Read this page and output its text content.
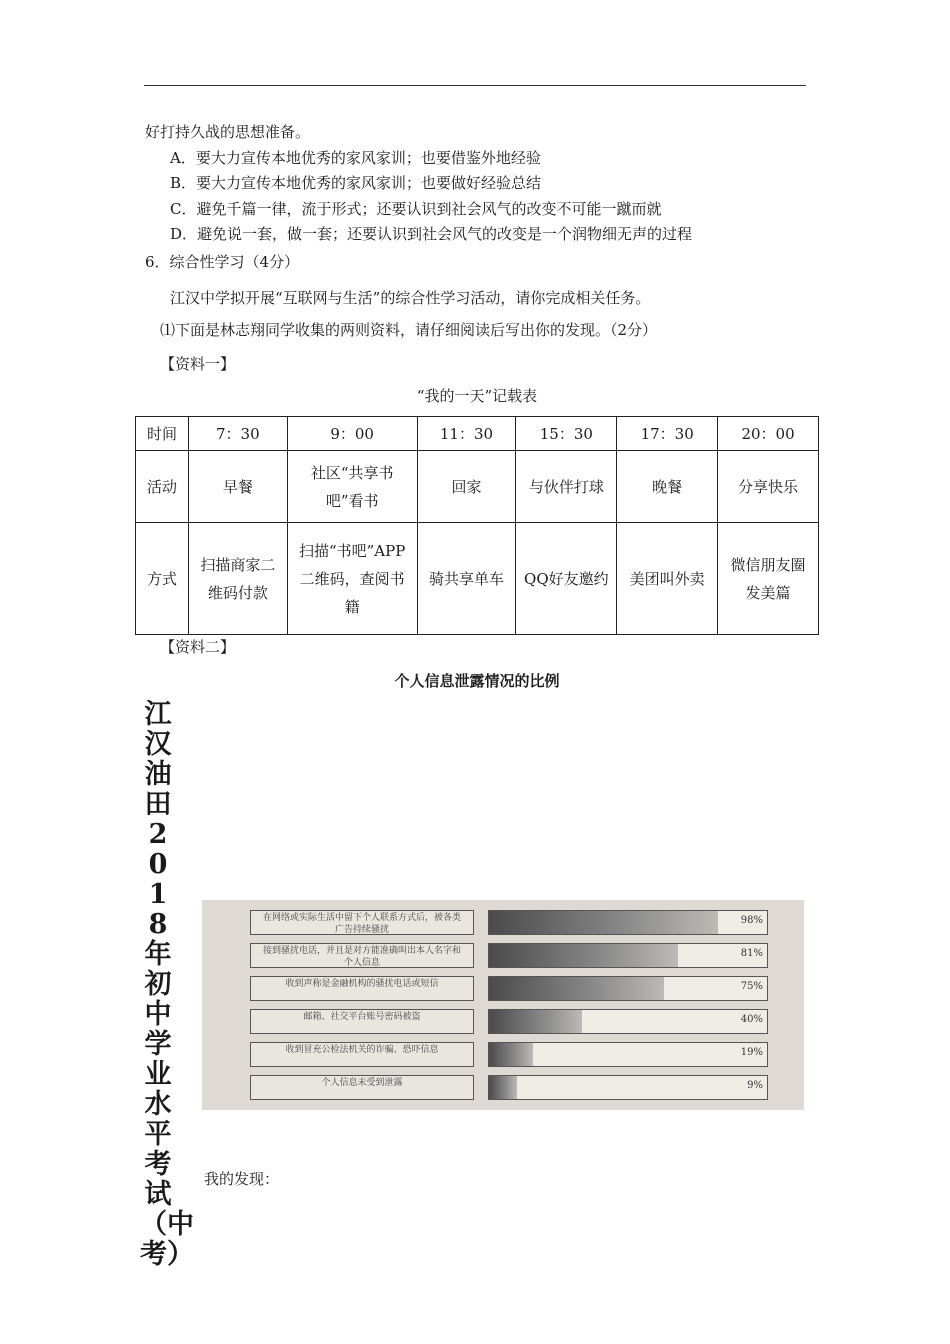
好打持久战的思想准备。
A．要大力宣传本地优秀的家风家训；也要借鉴外地经验
B．要大力宣传本地优秀的家风家训；也要做好经验总结
C．避免千篇一律，流于形式；还要认识到社会风气的改变不可能一蹴而就
D．避免说一套，做一套；还要认识到社会风气的改变是一个润物细无声的过程
6．综合性学习（4分）
江汉中学拟开展“互联网与生活”的综合性学习活动，请你完成相关任务。
⑴下面是林志翔同学收集的两则资料，请仔细阅读后写出你的发现。（2分）
【资料一】
“我的一天”记载表
时间	7：30	9：00	11：30	15：30	17：30	20：00
活动	早餐	社区“共享书吧”看书	回家	与伙伴打球	晚餐	分享快乐
方式	扫描商家二维码付款	扫描“书吧”APP二维码，查阅书籍	骑共享单车	QQ好友邀约	美团叫外卖	微信朋友圈发美篇
【资料二】
个人信息泄露情况的比例
江汉油田2018年初中学业水平考试（中考）
在网络或实际生活中留下个人联系方式后，被各类广告持续骚扰
98%
接到骚扰电话，并且是对方能准确叫出本人名字和个人信息
81%
收到声称是金融机构的骚扰电话或短信	75%
邮箱、社交平台账号密码被盗	40%
收到冒充公检法机关的诈骗、恐吓信息	19%
个人信息未受到泄露	9%
我的发现：
